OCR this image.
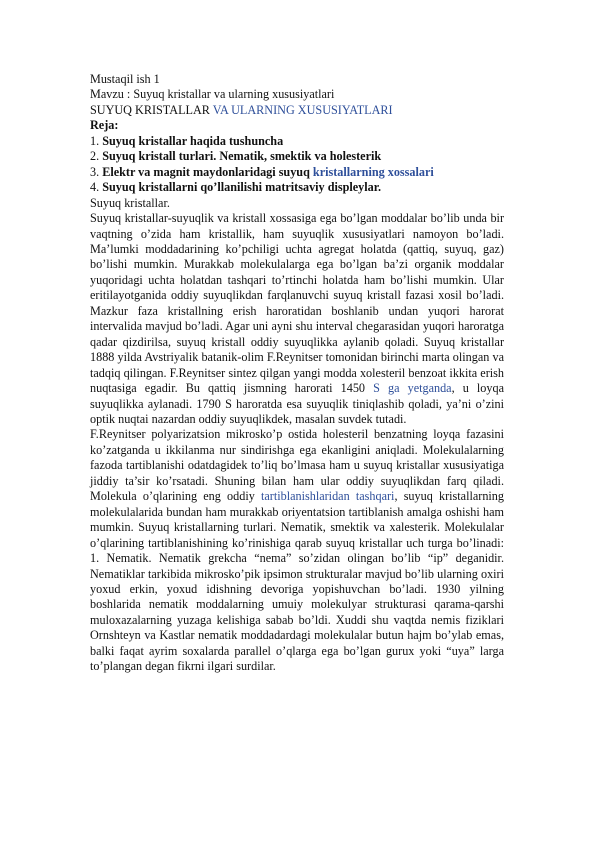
Mustaqil ish 1

Mavzu : Suyuq kristallar va ularning xususiyatlari

SUYUQ KRISTALLAR VA ULARNING XUSUSIYATLARI

Reja:

1. Suyuq kristallar haqida tushuncha

2. Suyuq kristall turlari. Nematik, smektik va holesterik

3. Elektr va magnit maydonlaridagi suyuq kristallarning xossalari

4. Suyuq kristallarni qo’llanilishi matritsaviy displeylar.

Suyuq kristallar.

Suyuq kristallar-suyuqlik va kristall xossasiga ega bo’lgan moddalar bo’lib unda bir vaqtning o’zida ham kristallik, ham suyuqlik xususiyatlari namoyon bo’ladi. Ma’lumki moddadarining ko’pchiligi uchta agregat holatda (qattiq, suyuq, gaz) bo’lishi mumkin. Murakkab molekulalarga ega bo’lgan ba’zi organik moddalar yuqoridagi uchta holatdan tashqari to’rtinchi holatda ham bo’lishi mumkin. Ular eritilayotganida oddiy suyuqlikdan farqlanuvchi suyuq kristall fazasi xosil bo’ladi. Mazkur faza kristallning erish haroratidan boshlanib undan yuqori harorat intervalida mavjud bo’ladi. Agar uni ayni shu interval chegarasidan yuqori haroratga qadar qizdirilsa, suyuq kristall oddiy suyuqlikka aylanib qoladi. Suyuq kristallar 1888 yilda Avstriyalik batanik-olim F.Reynitser tomonidan birinchi marta olingan va tadqiq qilingan. F.Reynitser sintez qilgan yangi modda xolesteril benzoat ikkita erish nuqtasiga egadir. Bu qattiq jismning harorati 1450 S ga yetganda, u loyqa suyuqlikka aylanadi. 1790 S haroratda esa suyuqlik tiniqlashib qoladi, ya’ni o’zini optik nuqtai nazardan oddiy suyuqlikdek, masalan suvdek tutadi.

F.Reynitser polyarizatsion mikrosko’p ostida holesteril benzatning loyqa fazasini ko’zatganda u ikkilanma nur sindirishga ega ekanligini aniqladi. Molekulalarning fazoda tartiblanishi odatdagidek to’liq bo’lmasa ham u suyuq kristallar xususiyatiga jiddiy ta’sir ko’rsatadi. Shuning bilan ham ular oddiy suyuqlikdan farq qiladi. Molekula o’qlarining eng oddiy tartiblanishlaridan tashqari, suyuq kristallarning molekulalarida bundan ham murakkab oriyentatsion tartiblanish amalga oshishi ham mumkin. Suyuq kristallarning turlari. Nematik, smektik va xalesterik. Molekulalar o’qlarining tartiblanishining ko’rinishiga qarab suyuq kristallar uch turga bo’linadi: 1. Nematik. Nematik grekcha “nema” so’zidan olingan bo’lib “ip” deganidir. Nematiklar tarkibida mikrosko’pik ipsimon strukturalar mavjud bo’lib ularning oxiri yoxud erkin, yoxud idishning devoriga yopishuvchan bo’ladi. 1930 yilning boshlarida nematik moddalarning umuiy molekulyar strukturasi qarama-qarshi muloxazalarning yuzaga kelishiga sabab bo’ldi. Xuddi shu vaqtda nemis fiziklari Ornshteyn va Kastlar nematik moddadardagi molekulalar butun hajm bo’ylab emas, balki faqat ayrim soxalarda parallel o’qlarga ega bo’lgan gurux yoki “uya” larga to’plangan degan fikrni ilgari surdilar.
